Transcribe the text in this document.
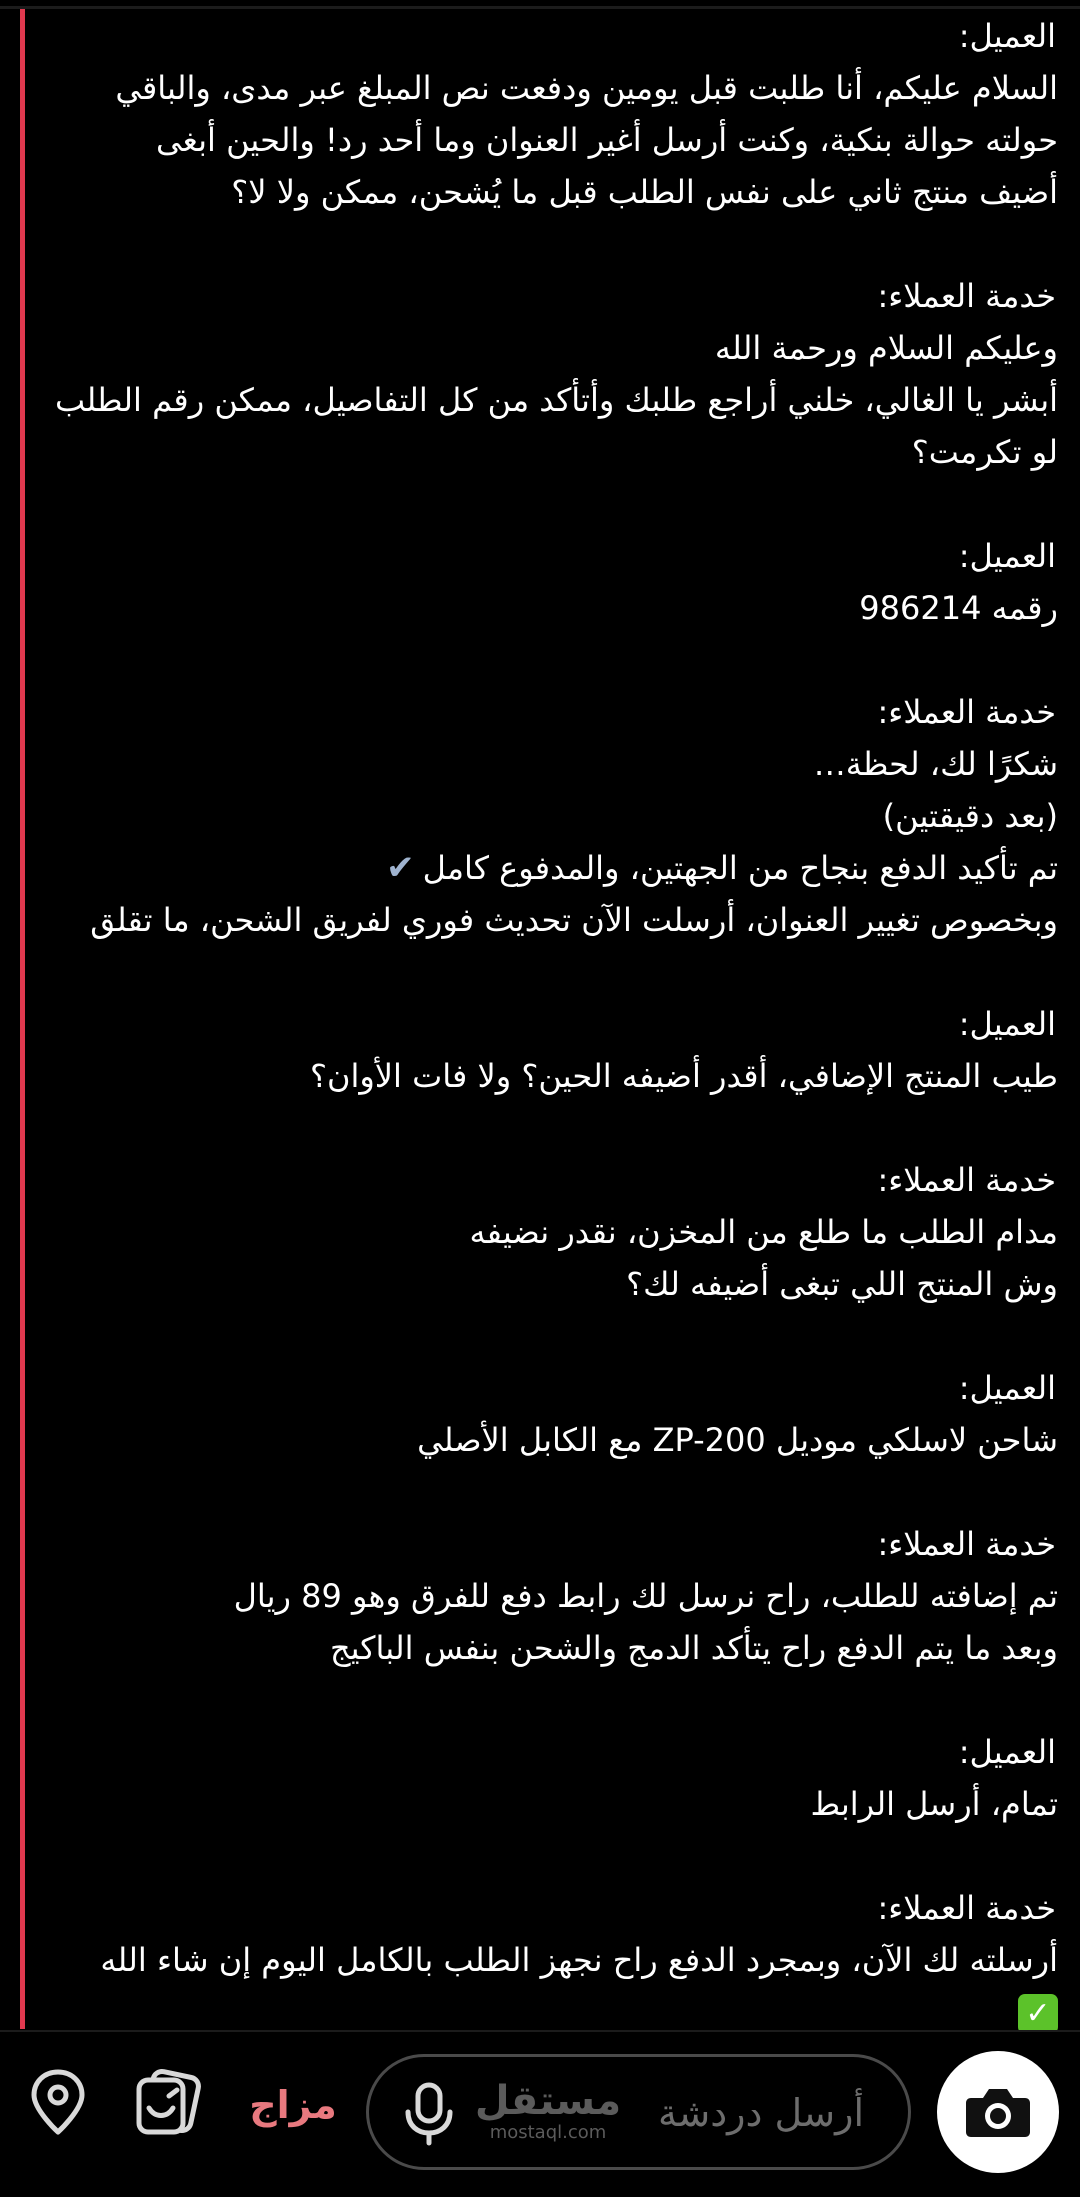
العميل:
السلام عليكم، أنا طلبت قبل يومين ودفعت نص المبلغ عبر مدى، والباقي
حولته حوالة بنكية، وكنت أرسل أغير العنوان وما أحد رد! والحين أبغى
أضيف منتج ثاني على نفس الطلب قبل ما يُشحن، ممكن ولا لا؟
خدمة العملاء:
وعليكم السلام ورحمة الله
أبشر يا الغالي، خلني أراجع طلبك وأتأكد من كل التفاصيل، ممكن رقم الطلب
لو تكرمت؟
العميل:
رقمه 986214
خدمة العملاء:
شكرًا لك، لحظة…
(بعد دقيقتين)
تم تأكيد الدفع بنجاح من الجهتين، والمدفوع كامل✔
وبخصوص تغيير العنوان، أرسلت الآن تحديث فوري لفريق الشحن، ما تقلق
العميل:
طيب المنتج الإضافي، أقدر أضيفه الحين؟ ولا فات الأوان؟
خدمة العملاء:
مدام الطلب ما طلع من المخزن، نقدر نضيفه
وش المنتج اللي تبغى أضيفه لك؟
العميل:
شاحن لاسلكي موديل ZP-200 مع الكابل الأصلي
خدمة العملاء:
تم إضافته للطلب، راح نرسل لك رابط دفع للفرق وهو 89 ريال
وبعد ما يتم الدفع راح يتأكد الدمج والشحن بنفس الباكيج
العميل:
تمام، أرسل الرابط
خدمة العملاء:
أرسلته لك الآن، وبمجرد الدفع راح نجهز الطلب بالكامل اليوم إن شاء الله
✓
مزاج	أرسل دردشة
مستقل
mostaql.com
